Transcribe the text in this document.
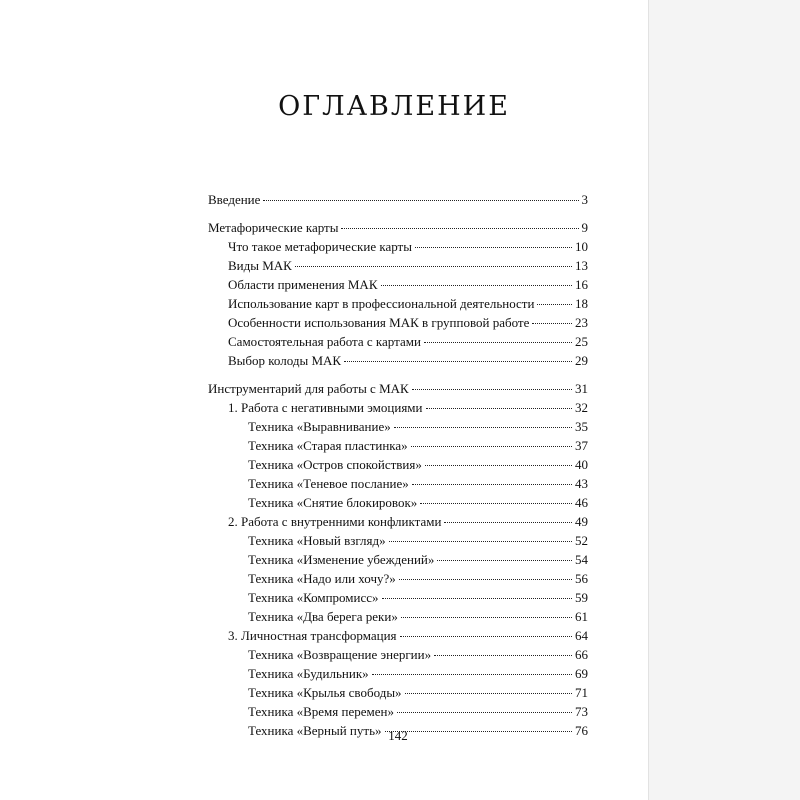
ОГЛАВЛЕНИЕ
Введение	3
Метафорические карты	9
Что такое метафорические карты	10
Виды МАК	13
Области применения МАК	16
Использование карт в профессиональной деятельности	18
Особенности использования МАК в групповой работе	23
Самостоятельная работа с картами	25
Выбор колоды МАК	29
Инструментарий для работы с МАК	31
1. Работа с негативными эмоциями	32
Техника «Выравнивание»	35
Техника «Старая пластинка»	37
Техника «Остров спокойствия»	40
Техника «Теневое послание»	43
Техника «Снятие блокировок»	46
2. Работа с внутренними конфликтами	49
Техника «Новый взгляд»	52
Техника «Изменение убеждений»	54
Техника «Надо или хочу?»	56
Техника «Компромисс»	59
Техника «Два берега реки»	61
3. Личностная трансформация	64
Техника «Возвращение энергии»	66
Техника «Будильник»	69
Техника «Крылья свободы»	71
Техника «Время перемен»	73
Техника «Верный путь»	76
142
